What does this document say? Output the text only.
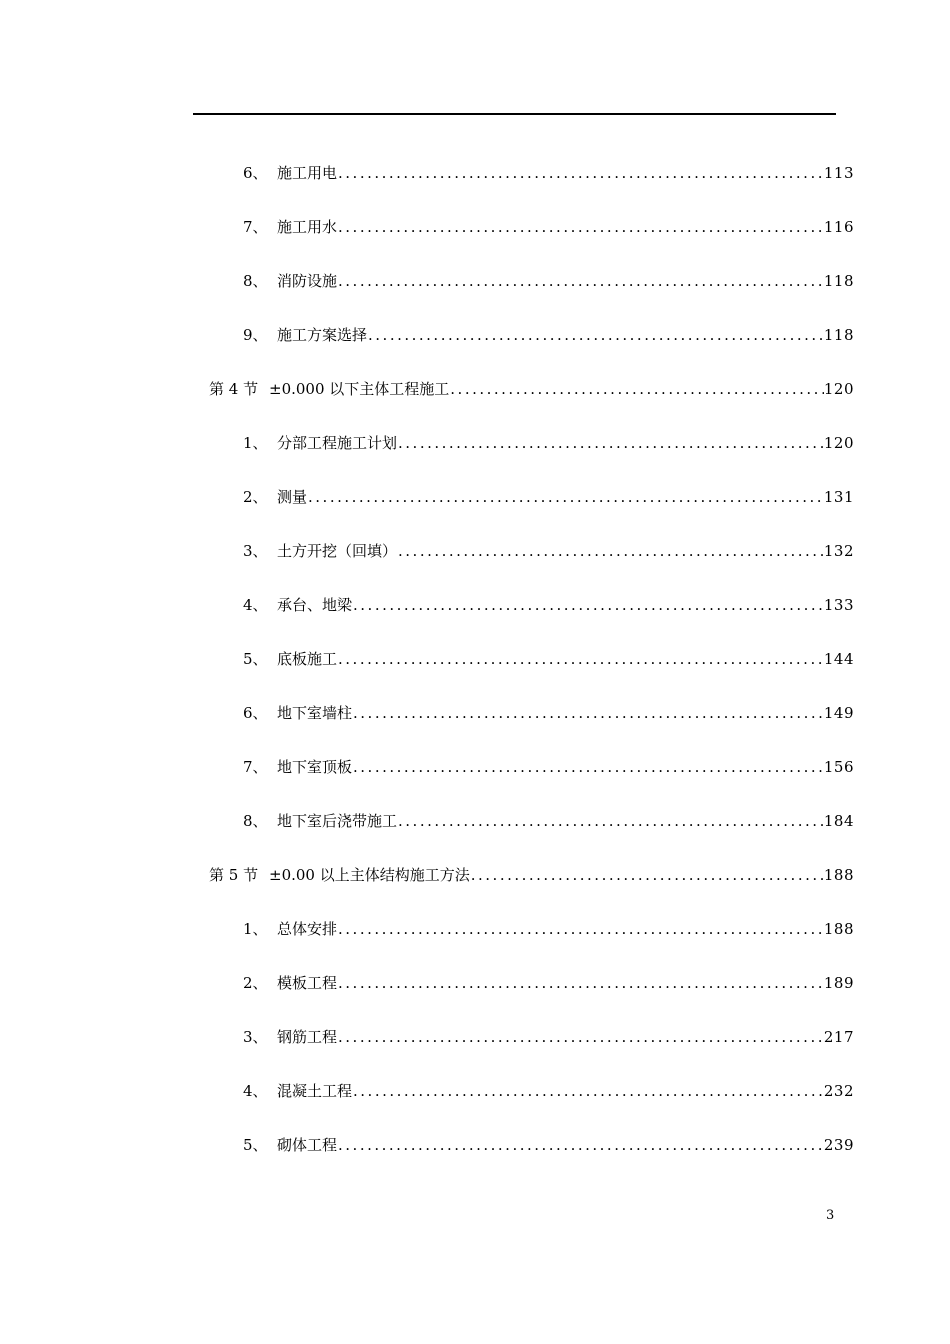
6、 施工用电 .....	113
7、 施工用水 .....	116
8、 消防设施 .....	118
9、 施工方案选择 .....	118
第 4 节 ±0.000 以下主体工程施工 .....	120
1、 分部工程施工计划 .....	120
2、 测量 .....	131
3、 土方开挖（回填） .....	132
4、 承台、地梁 .....	133
5、 底板施工 .....	144
6、 地下室墙柱 .....	149
7、 地下室顶板 .....	156
8、 地下室后浇带施工 .....	184
第 5 节 ±0.00 以上主体结构施工方法 .....	188
1、 总体安排 .....	188
2、 模板工程 .....	189
3、 钢筋工程 .....	217
4、 混凝土工程 .....	232
5、 砌体工程 .....	239
3
